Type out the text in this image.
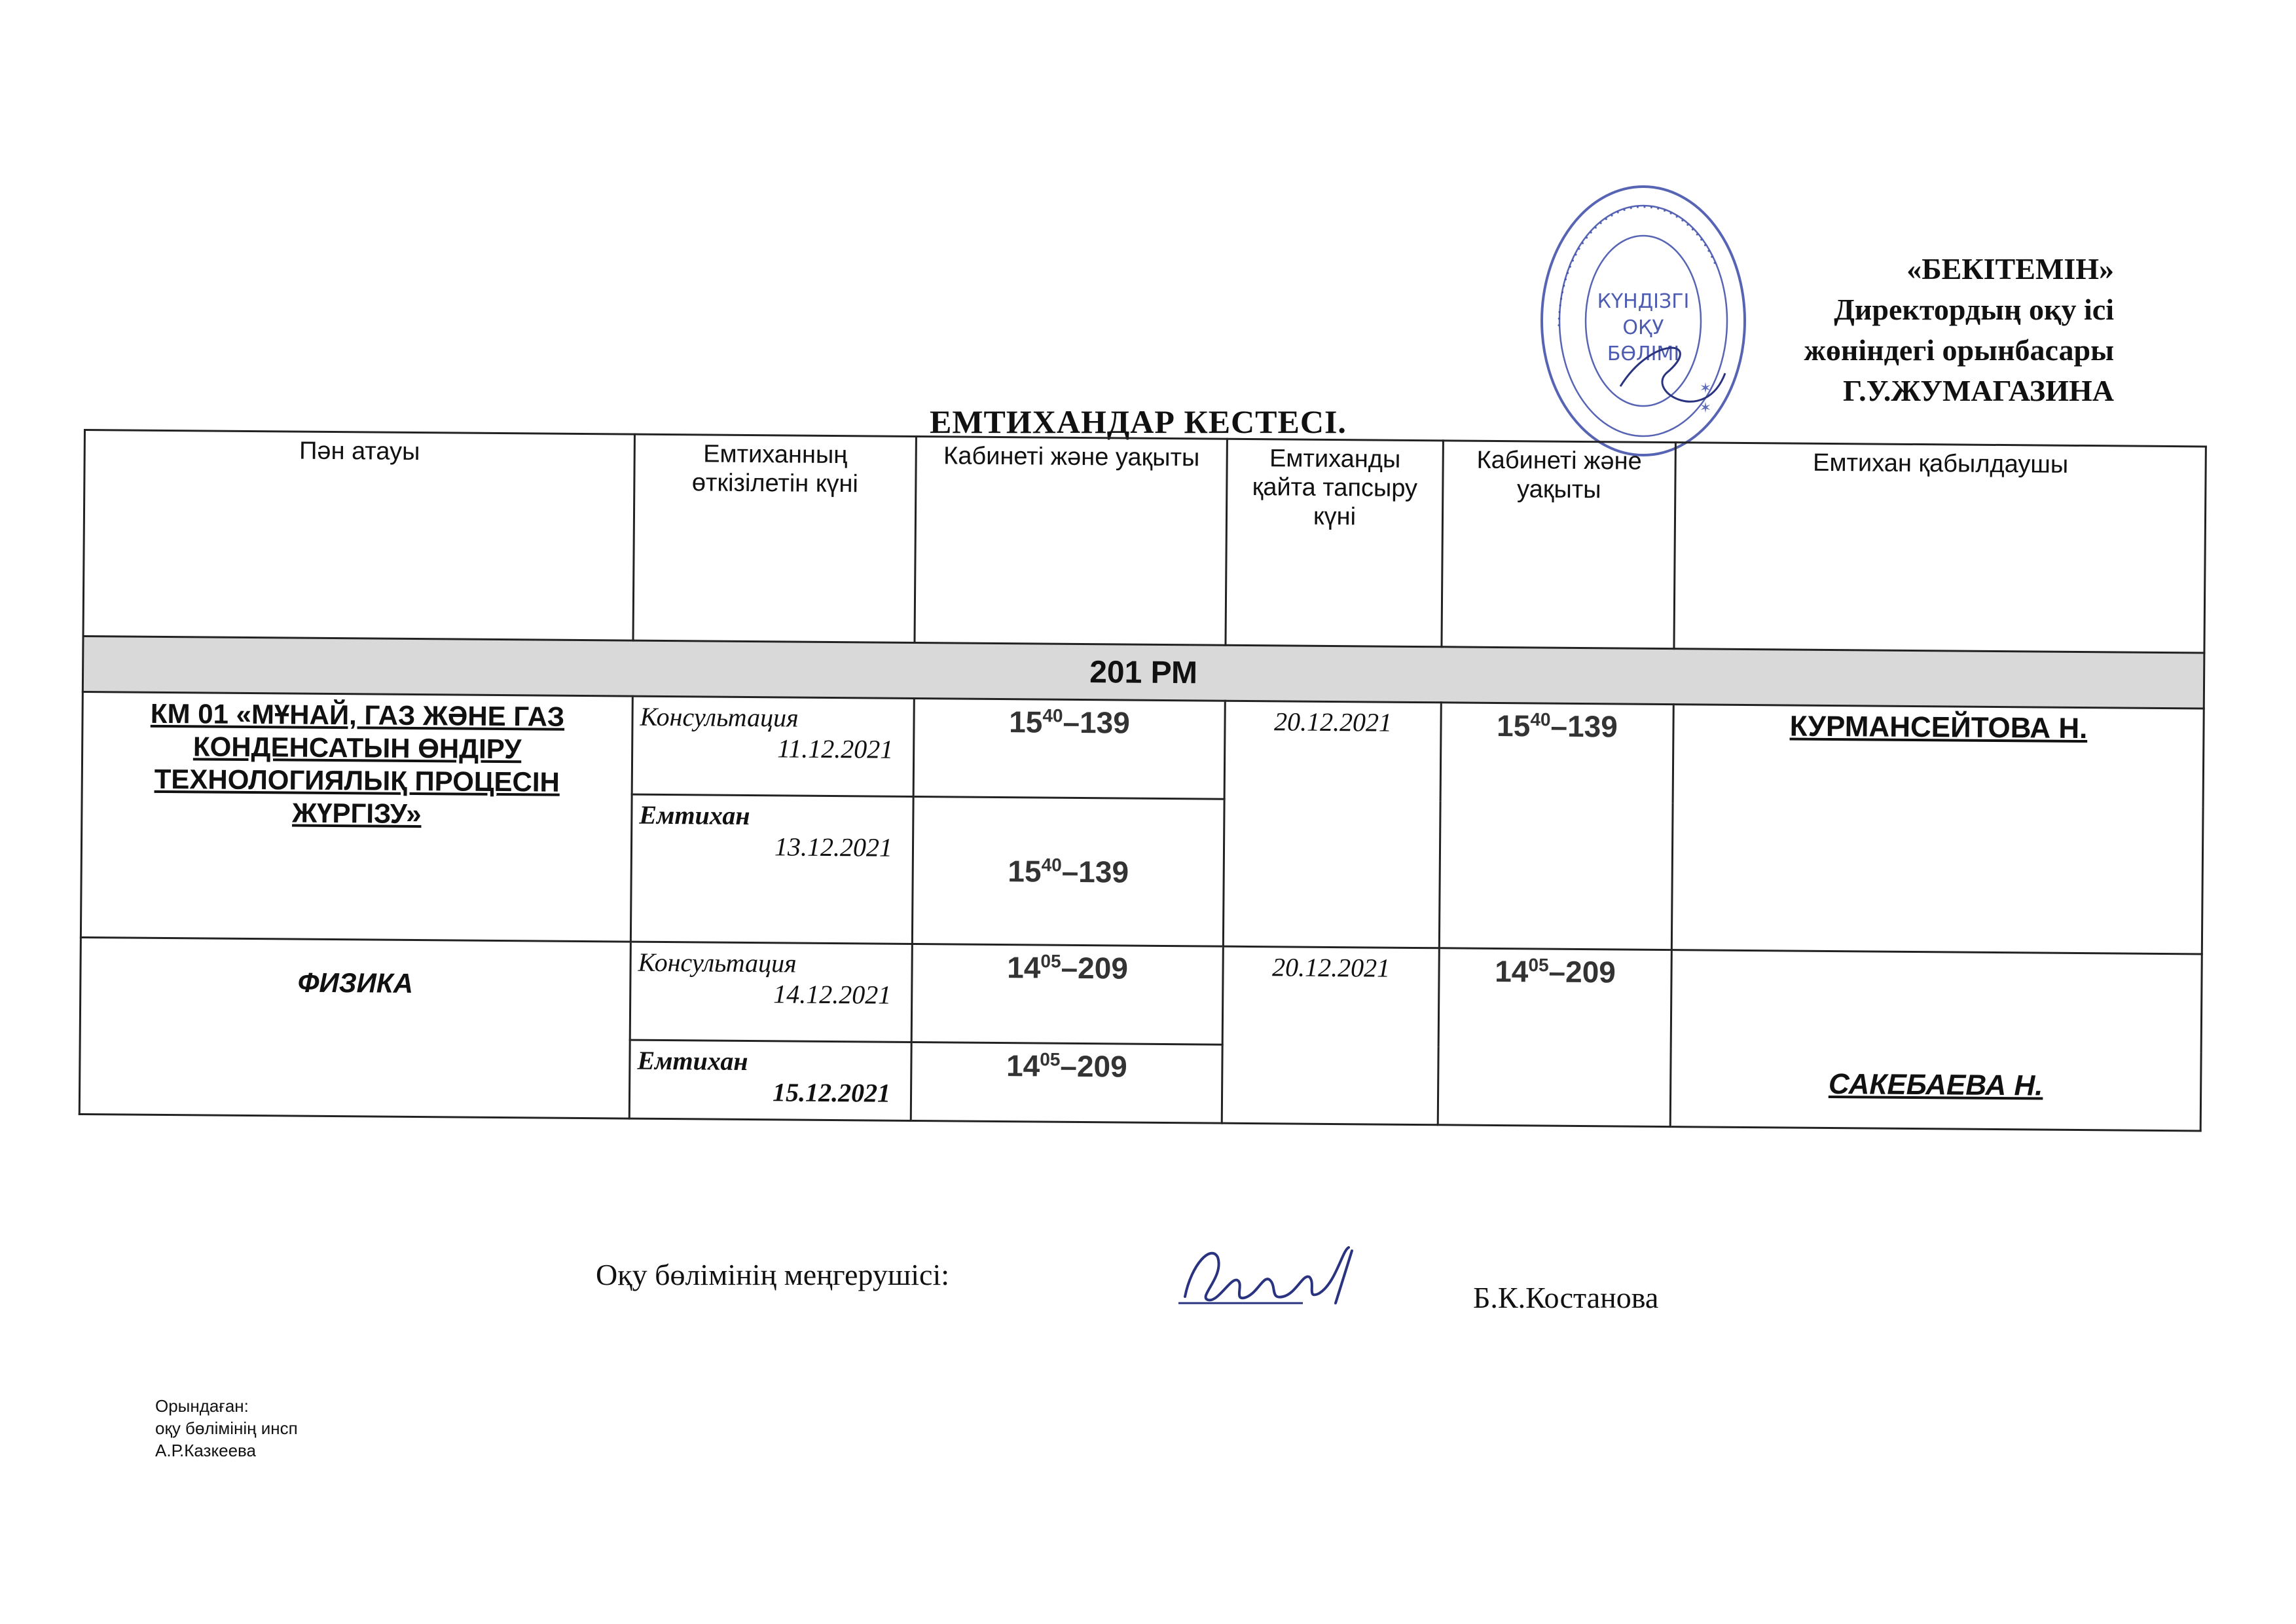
«БЕКІТЕМІН»
Директордың оқу ісі
жөніндегі орынбасары
Г.У.ЖУМАГАЗИНА
• • • • • • • • • • • • • • • • • • • • • • • • • • • • • • • • • • • • • • •
КҮНДІЗГІ
ОҚУ
БӨЛІМІ
✶
✶
ЕМТИХАНДАР КЕСТЕСІ.
Пән атауы	Емтиханның өткізілетін күні	Кабинеті және уақыты	Емтиханды қайта тапсыру күні	Кабинеті және уақыты	Емтихан қабылдаушы
201 РМ					
КМ 01 «МҰНАЙ, ГАЗ ЖӘНЕ ГАЗ КОНДЕНСАТЫН ӨНДІРУ ТЕХНОЛОГИЯЛЫҚ ПРОЦЕСІН ЖҮРГІЗУ»	Консультация
11.12.2021	$15^{40}-139$	20.12.2021	$15^{40}-139$	КУРМАНСЕЙТОВА Н.

	Емтихан
13.12.2021	$15^{40}-139$			
ФИЗИКА	Консультация
14.12.2021	$14^{05}-209$	20.12.2021	$14^{05}-209$	САКЕБАЕВА Н.

	Емтихан
15.12.2021	$14^{05}-209$			
Оқу бөлімінің меңгерушісі:
Б.К.Костанова
Орындаған:
оқу бөлімінің инсп
А.Р.Казкеева
